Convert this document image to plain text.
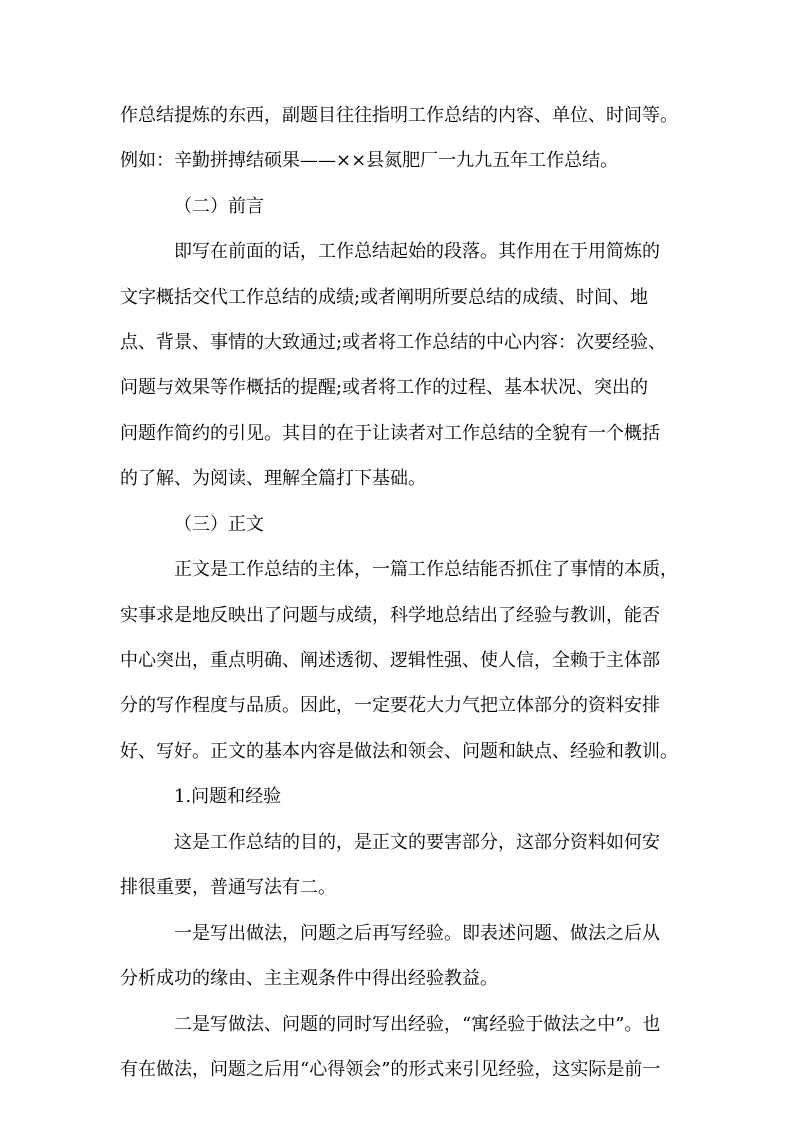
作总结提炼的东西，副题目往往指明工作总结的内容、单位、时间等。
例如：辛勤拼搏结硕果——××县氮肥厂一九九五年工作总结。
（二）前言
即写在前面的话，工作总结起始的段落。其作用在于用简炼的
文字概括交代工作总结的成绩;或者阐明所要总结的成绩、时间、地
点、背景、事情的大致通过;或者将工作总结的中心内容：次要经验、
问题与效果等作概括的提醒;或者将工作的过程、基本状况、突出的
问题作简约的引见。其目的在于让读者对工作总结的全貌有一个概括
的了解、为阅读、理解全篇打下基础。
（三）正文
正文是工作总结的主体，一篇工作总结能否抓住了事情的本质，
实事求是地反映出了问题与成绩，科学地总结出了经验与教训，能否
中心突出，重点明确、阐述透彻、逻辑性强、使人信，全赖于主体部
分的写作程度与品质。因此，一定要花大力气把立体部分的资料安排
好、写好。正文的基本内容是做法和领会、问题和缺点、经验和教训。
1.问题和经验
这是工作总结的目的，是正文的要害部分，这部分资料如何安
排很重要，普通写法有二。
一是写出做法，问题之后再写经验。即表述问题、做法之后从
分析成功的缘由、主主观条件中得出经验教益。
二是写做法、问题的同时写出经验，“寓经验于做法之中”。也
有在做法，问题之后用“心得领会”的形式来引见经验，这实际是前一
